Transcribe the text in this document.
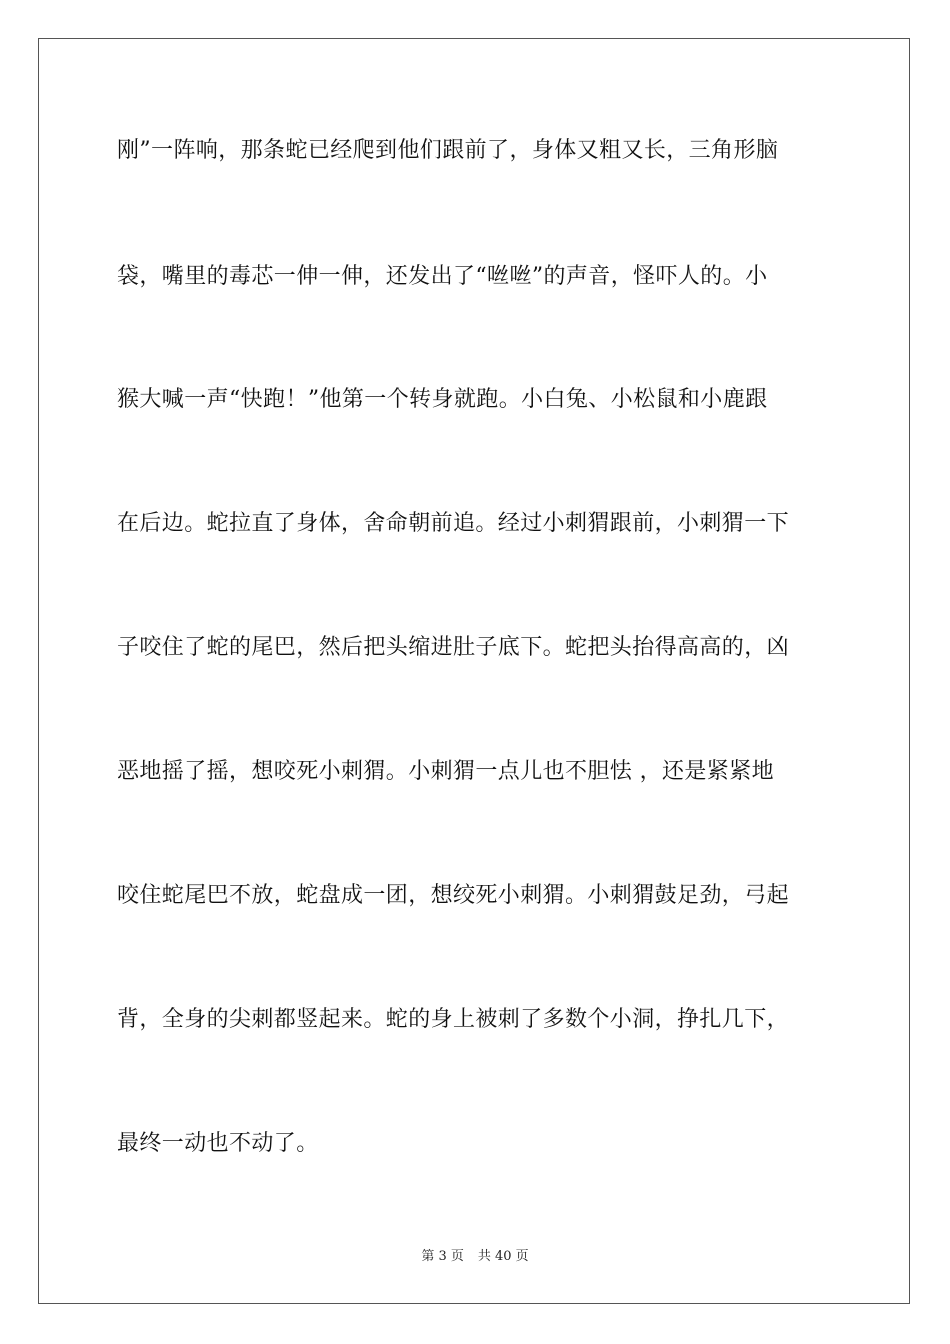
刚”一阵响，那条蛇已经爬到他们跟前了，身体又粗又长，三角形脑
袋，嘴里的毒芯一伸一伸，还发出了“咝咝”的声音，怪吓人的。小
猴大喊一声“快跑！”他第一个转身就跑。小白兔、小松鼠和小鹿跟
在后边。蛇拉直了身体，舍命朝前追。经过小刺猬跟前，小刺猬一下
子咬住了蛇的尾巴，然后把头缩进肚子底下。蛇把头抬得高高的，凶
恶地摇了摇，想咬死小刺猬。小刺猬一点儿也不胆怯 ，还是紧紧地
咬住蛇尾巴不放，蛇盘成一团，想绞死小刺猬。小刺猬鼓足劲，弓起
背，全身的尖刺都竖起来。蛇的身上被刺了多数个小洞，挣扎几下，
最终一动也不动了。
第 3 页 共 40 页
